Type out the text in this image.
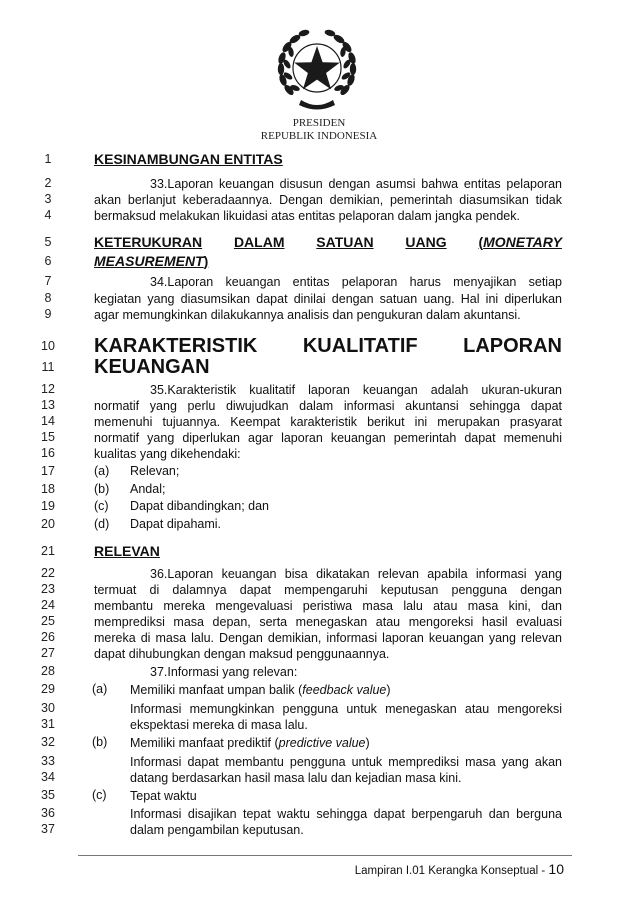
PRESIDEN
REPUBLIK INDONESIA
1
2
3
4
5
6
7
8
9
10
11
12
13
14
15
16
17
18
19
20
21
22
23
24
25
26
27
28
29
30
31
32
33
34
35
36
37
KESINAMBUNGAN ENTITAS
33.Laporan keuangan disusun dengan asumsi bahwa entitas pelaporan
akan berlanjut keberadaannya. Dengan demikian, pemerintah diasumsikan tidak
bermaksud melakukan likuidasi atas entitas pelaporan dalam jangka pendek.
KETERUKURAN DALAM SATUAN UANG (MONETARY
MEASUREMENT)
34.Laporan keuangan entitas pelaporan harus menyajikan setiap
kegiatan yang diasumsikan dapat dinilai dengan satuan uang. Hal ini diperlukan
agar memungkinkan dilakukannya analisis dan pengukuran dalam akuntansi.
KARAKTERISTIK KUALITATIF LAPORAN
KEUANGAN
35.Karakteristik kualitatif laporan keuangan adalah ukuran-ukuran
normatif yang perlu diwujudkan dalam informasi akuntansi sehingga dapat
memenuhi tujuannya. Keempat karakteristik berikut ini merupakan prasyarat
normatif yang diperlukan agar laporan keuangan pemerintah dapat memenuhi
kualitas yang dikehendaki:
(a) Relevan;
(b) Andal;
(c) Dapat dibandingkan; dan
(d) Dapat dipahami.
RELEVAN
36.Laporan keuangan bisa dikatakan relevan apabila informasi yang
termuat di dalamnya dapat mempengaruhi keputusan pengguna dengan
membantu mereka mengevaluasi peristiwa masa lalu atau masa kini, dan
memprediksi masa depan, serta menegaskan atau mengoreksi hasil evaluasi
mereka di masa lalu. Dengan demikian, informasi laporan keuangan yang relevan
dapat dihubungkan dengan maksud penggunaannya.
37.Informasi yang relevan:
(a) Memiliki manfaat umpan balik (feedback value)
Informasi memungkinkan pengguna untuk menegaskan atau mengoreksi
ekspektasi mereka di masa lalu.
(b) Memiliki manfaat prediktif (predictive value)
Informasi dapat membantu pengguna untuk memprediksi masa yang akan
datang berdasarkan hasil masa lalu dan kejadian masa kini.
(c) Tepat waktu
Informasi disajikan tepat waktu sehingga dapat berpengaruh dan berguna
dalam pengambilan keputusan.
Lampiran I.01 Kerangka Konseptual - 10
